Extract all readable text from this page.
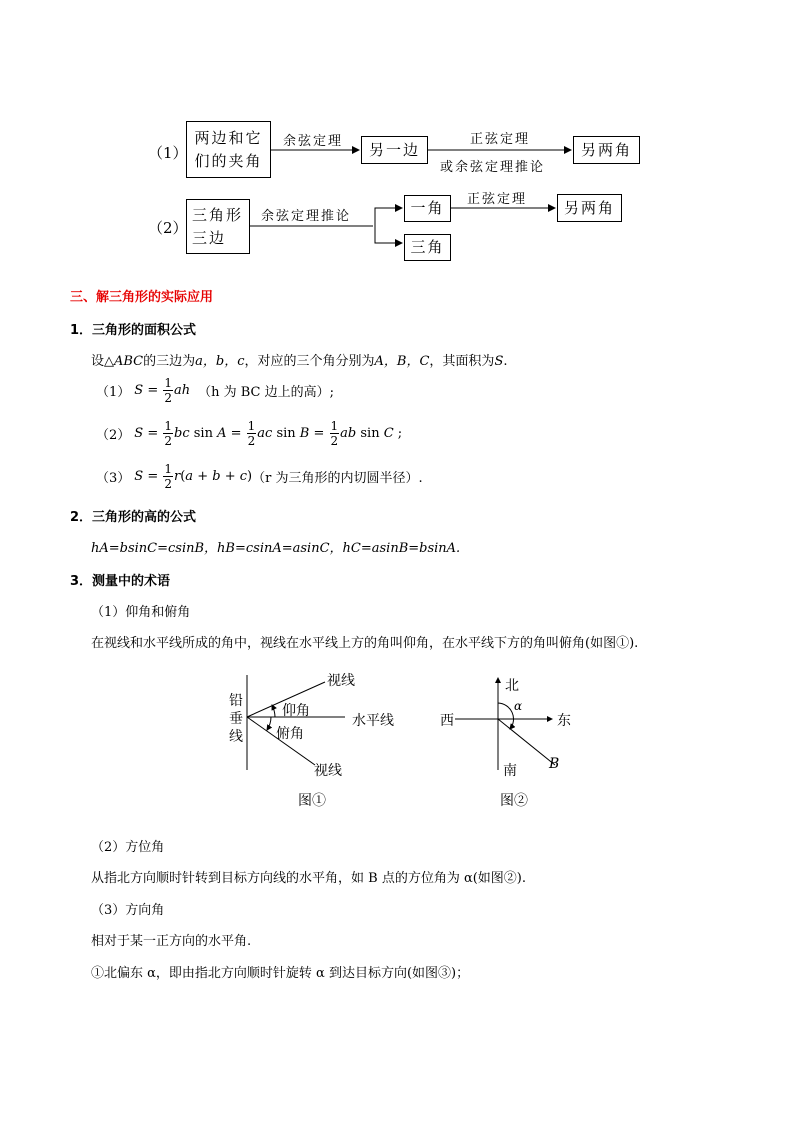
（1）
两边和它
们的夹角
余弦定理	另一边
正弦定理
或余弦定理推论
另两角
（2）
三角形
三边
余弦定理推论	一角
三角
正弦定理	另两角
三、解三角形的实际应用
1．三角形的面积公式
设△ABC的三边为a，b，c，对应的三个角分别为A，B，C，其面积为S.
（1） $S = \frac{1}{2}$ ah （h 为 BC 边上的高）;
（2） $S = \frac{1}{2}$ bc $\sin A = \frac{1}{2}$ ac $\sin B = \frac{1}{2}$ ab sin C ;
（3） $S = \frac{1}{2}$ r ( a + b + c ) （r 为三角形的内切圆半径）.
2．三角形的高的公式
hA=bsinC=csinB，hB=csinA=asinC，hC=asinB=bsinA.
3．测量中的术语
（1）仰角和俯角
在视线和水平线所成的角中，视线在水平线上方的角叫仰角，在水平线下方的角叫俯角(如图①).
铅
垂
线
视线
仰角
水平线
俯角
视线
图①
北
西	东
α
南 B
图②
（2）方位角
从指北方向顺时针转到目标方向线的水平角，如 B 点的方位角为 α(如图②).
（3）方向角
相对于某一正方向的水平角.
①北偏东 α，即由指北方向顺时针旋转 α 到达目标方向(如图③)；
